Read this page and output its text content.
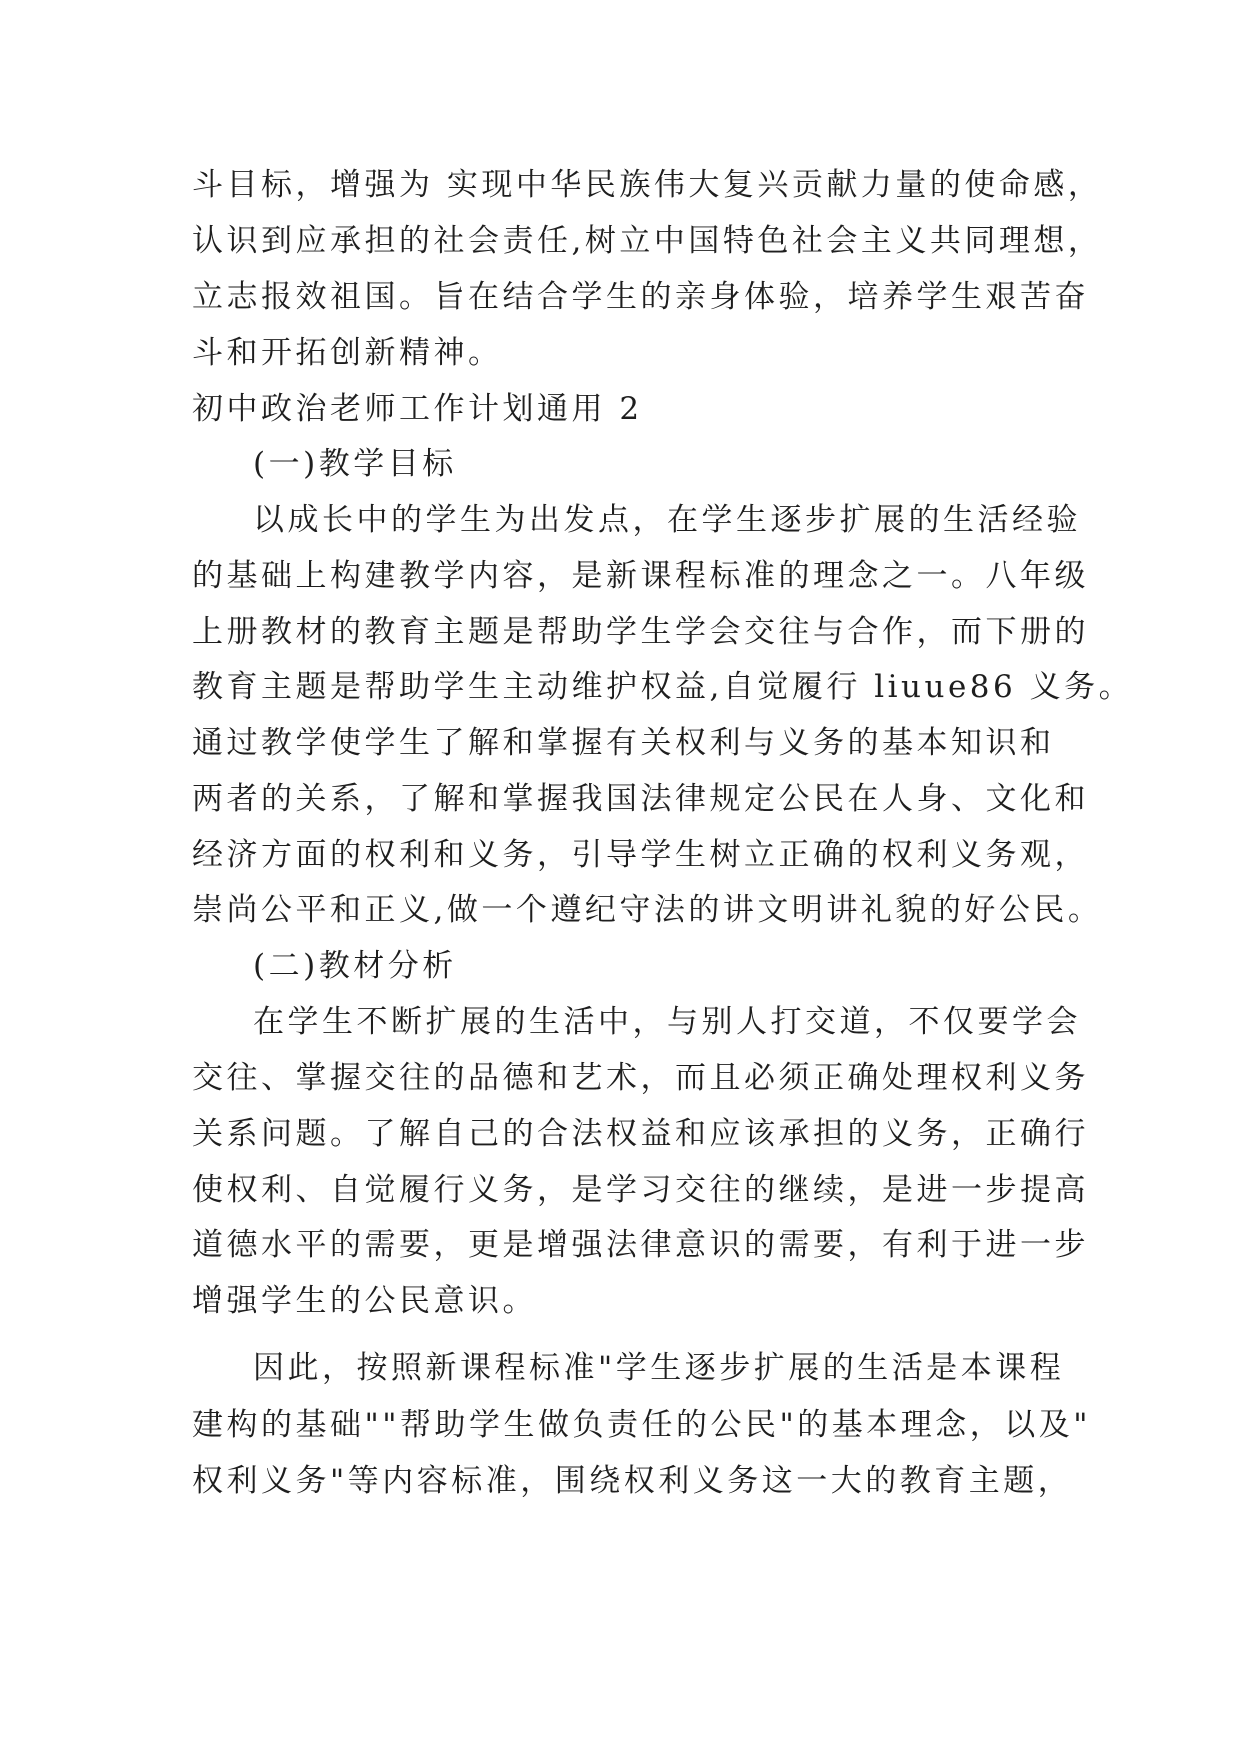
斗目标，增强为 实现中华民族伟大复兴贡献力量的使命感，
认识到应承担的社会责任,树立中国特色社会主义共同理想，
立志报效祖国。旨在结合学生的亲身体验，培养学生艰苦奋
斗和开拓创新精神。
初中政治老师工作计划通用 2
(一)教学目标
以成长中的学生为出发点，在学生逐步扩展的生活经验
的基础上构建教学内容，是新课程标准的理念之一。八年级
上册教材的教育主题是帮助学生学会交往与合作，而下册的
教育主题是帮助学生主动维护权益,自觉履行 liuue86 义务。
通过教学使学生了解和掌握有关权利与义务的基本知识和
两者的关系，了解和掌握我国法律规定公民在人身、文化和
经济方面的权利和义务，引导学生树立正确的权利义务观，
崇尚公平和正义,做一个遵纪守法的讲文明讲礼貌的好公民。
(二)教材分析
在学生不断扩展的生活中，与别人打交道，不仅要学会
交往、掌握交往的品德和艺术，而且必须正确处理权利义务
关系问题。了解自己的合法权益和应该承担的义务，正确行
使权利、自觉履行义务，是学习交往的继续，是进一步提高
道德水平的需要，更是增强法律意识的需要，有利于进一步
增强学生的公民意识。
因此，按照新课程标准"学生逐步扩展的生活是本课程
建构的基础""帮助学生做负责任的公民"的基本理念，以及"
权利义务"等内容标准，围绕权利义务这一大的教育主题，
